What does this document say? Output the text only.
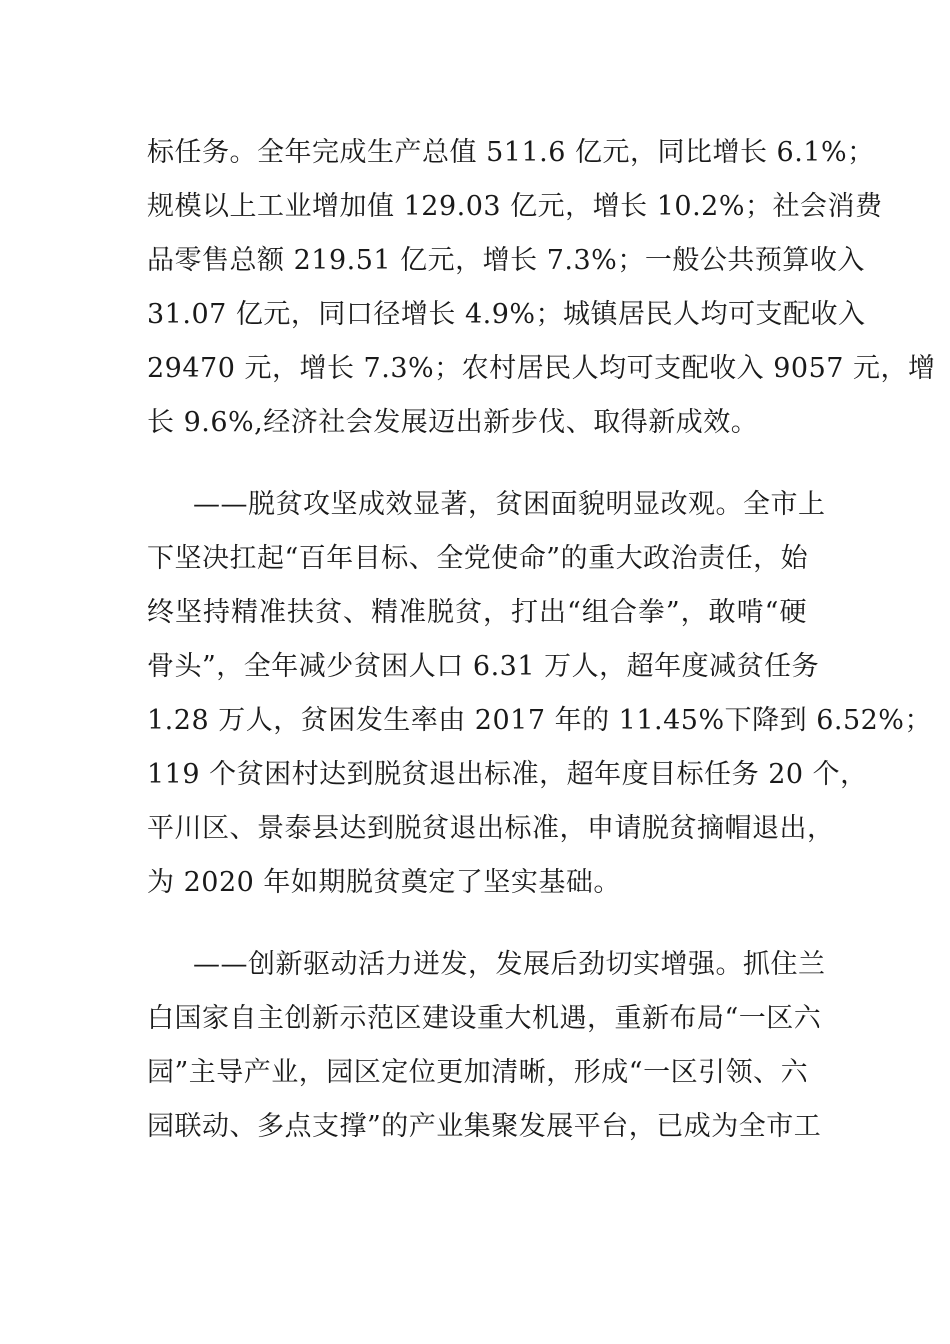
标任务。全年完成生产总值 511.6 亿元，同比增长 6.1%；
规模以上工业增加值 129.03 亿元，增长 10.2%；社会消费
品零售总额 219.51 亿元，增长 7.3%；一般公共预算收入
31.07 亿元，同口径增长 4.9%；城镇居民人均可支配收入
29470 元，增长 7.3%；农村居民人均可支配收入 9057 元，增
长 9.6%,经济社会发展迈出新步伐、取得新成效。
——脱贫攻坚成效显著，贫困面貌明显改观。全市上
下坚决扛起“百年目标、全党使命”的重大政治责任，始
终坚持精准扶贫、精准脱贫，打出“组合拳”，敢啃“硬
骨头”，全年减少贫困人口 6.31 万人，超年度减贫任务
1.28 万人，贫困发生率由 2017 年的 11.45%下降到 6.52%；
119 个贫困村达到脱贫退出标准，超年度目标任务 20 个，
平川区、景泰县达到脱贫退出标准，申请脱贫摘帽退出，
为 2020 年如期脱贫奠定了坚实基础。
——创新驱动活力迸发，发展后劲切实增强。抓住兰
白国家自主创新示范区建设重大机遇，重新布局“一区六
园”主导产业，园区定位更加清晰，形成“一区引领、六
园联动、多点支撑”的产业集聚发展平台，已成为全市工
